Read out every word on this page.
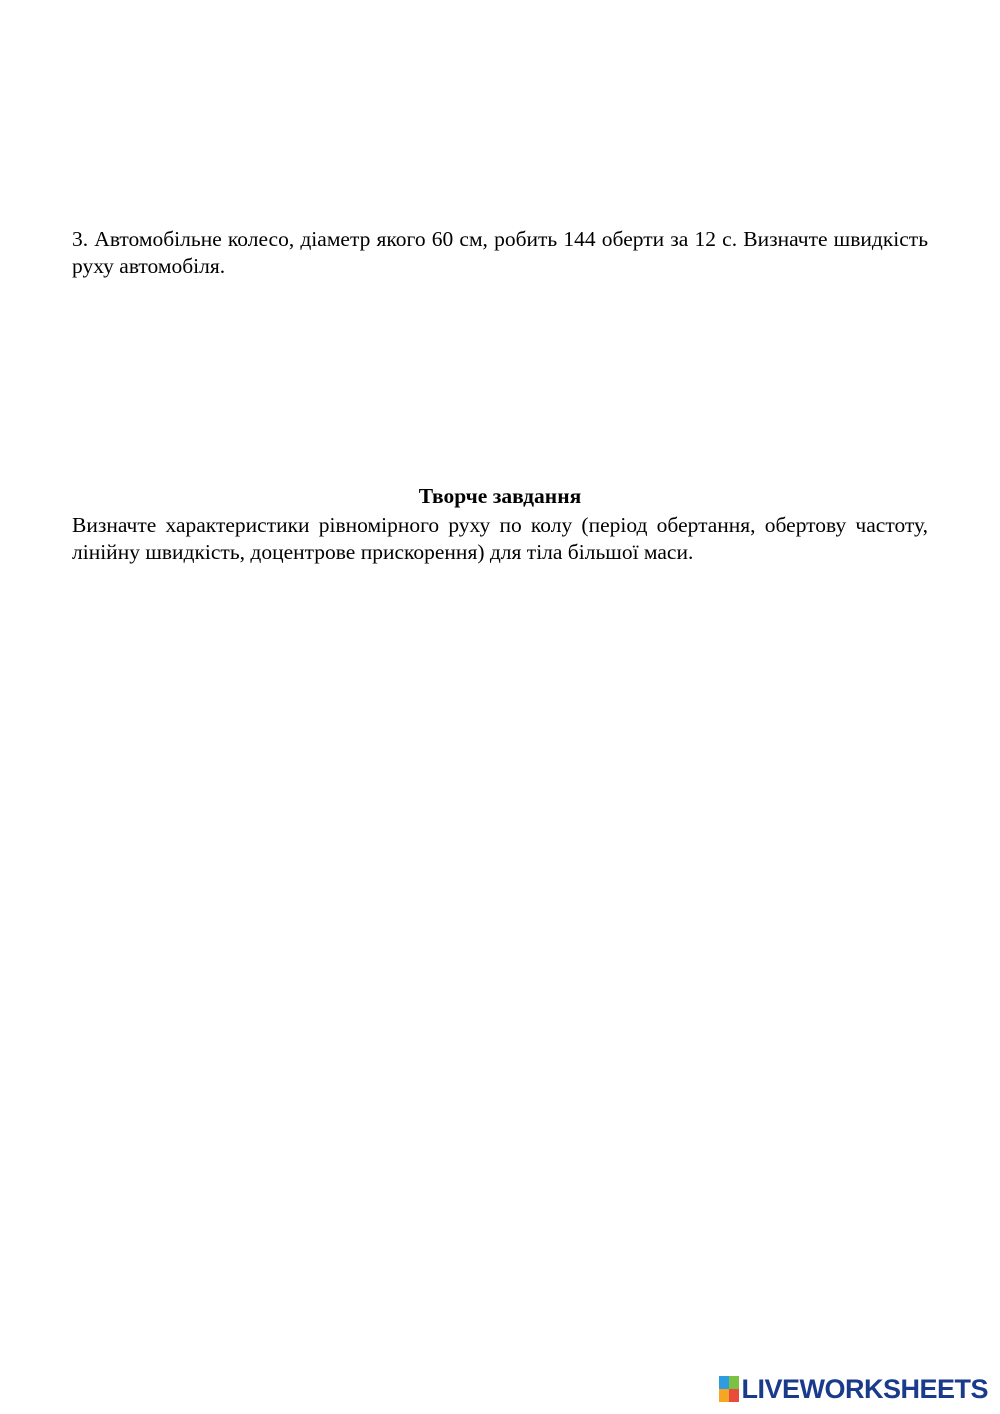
3. Автомобільне колесо, діаметр якого 60 см, робить 144 оберти за 12 с. Визначте швидкість руху автомобіля.

Творче завдання

Визначте характеристики рівномірного руху по колу (період обертання, обертову частоту, лінійну швидкість, доцентрове прискорення) для тіла більшої маси.

LIVEWORKSHEETS
